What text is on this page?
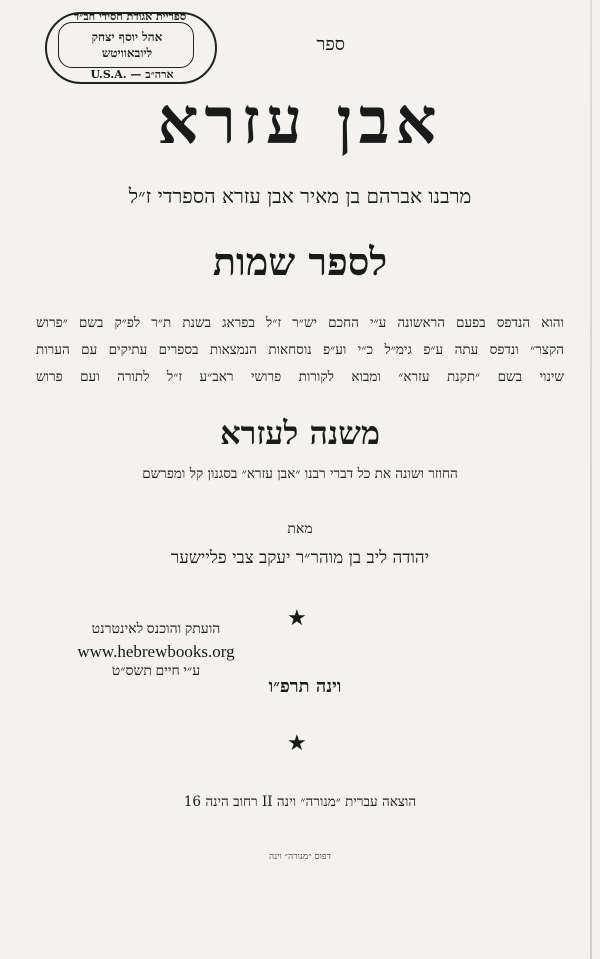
ספריית אגודת חסידי חב״ד
אהל יוסף יצחק
ליובאוויטש
U.S.A. — ארה״ב
ספר
אבן עזרא
מרבנו אברהם בן מאיר אבן עזרא הספרדי ז״ל
לספר שמות
והוא הנדפס בפעם הראשונה ע״י החכם יש״ר ז״ל בפראג בשנת ת״ר לפ״ק בשם ״פרוש
הקצר״ ונדפס עתה ע״פ גימ״ל כ״י וע״פ נוסחאות הנמצאות בספרים עתיקים עם הערות
שינוי בשם ״תקנת עזרא״ ומבוא לקורות פרושי ראב״ע ז״ל לתורה ועם פרוש
משנה לעזרא
החוזר ושונה את כל דברי רבנו ״אבן עזרא״ בסגנון קל ומפרשם
מאת
יהודה ליב בן מוהר״ר יעקב צבי פליישער
★
הועתק והוכנס לאינטרנט
www.hebrewbooks.org
ע״י חיים תשס״ט
וינה תרפ״ו
★
הוצאה עברית ״מנורה״ וינה II רחוב הינה 16
דפוס ״מנורה״ וינה
